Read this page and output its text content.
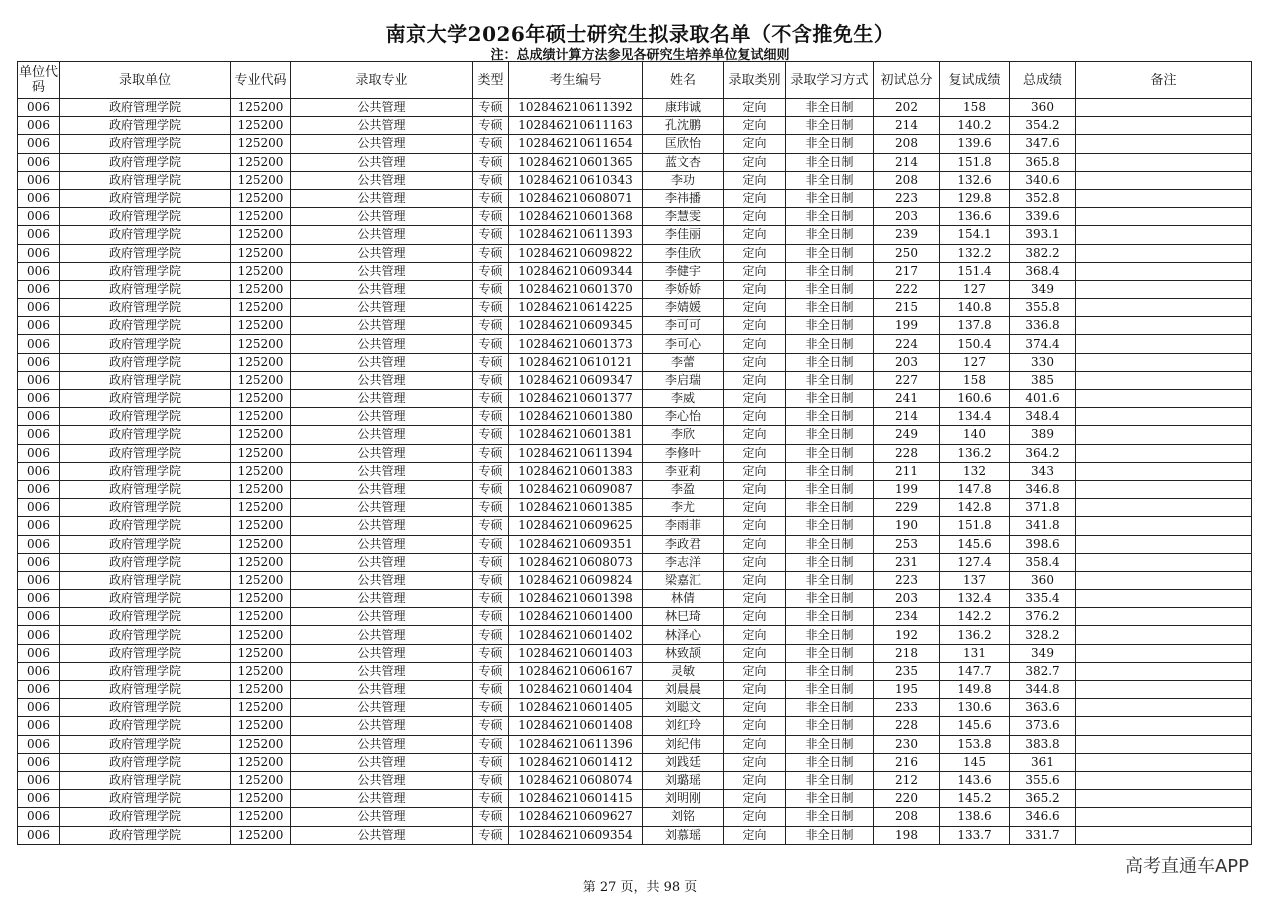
南京大学2026年硕士研究生拟录取名单（不含推免生）
注：总成绩计算方法参见各研究生培养单位复试细则
单位代码	录取单位	专业代码	录取专业	类型	考生编号	姓名	录取类别	录取学习方式	初试总分	复试成绩	总成绩	备注
006	政府管理学院	125200	公共管理	专硕	102846210611392	康玮诚	定向	非全日制	202	158	360	
006	政府管理学院	125200	公共管理	专硕	102846210611163	孔沈鹏	定向	非全日制	214	140.2	354.2	
006	政府管理学院	125200	公共管理	专硕	102846210611654	匡欣怡	定向	非全日制	208	139.6	347.6	
006	政府管理学院	125200	公共管理	专硕	102846210601365	蓝文杏	定向	非全日制	214	151.8	365.8	
006	政府管理学院	125200	公共管理	专硕	102846210610343	李功	定向	非全日制	208	132.6	340.6	
006	政府管理学院	125200	公共管理	专硕	102846210608071	李祎播	定向	非全日制	223	129.8	352.8	
006	政府管理学院	125200	公共管理	专硕	102846210601368	李慧雯	定向	非全日制	203	136.6	339.6	
006	政府管理学院	125200	公共管理	专硕	102846210611393	李佳丽	定向	非全日制	239	154.1	393.1	
006	政府管理学院	125200	公共管理	专硕	102846210609822	李佳欣	定向	非全日制	250	132.2	382.2	
006	政府管理学院	125200	公共管理	专硕	102846210609344	李健宇	定向	非全日制	217	151.4	368.4	
006	政府管理学院	125200	公共管理	专硕	102846210601370	李娇娇	定向	非全日制	222	127	349	
006	政府管理学院	125200	公共管理	专硕	102846210614225	李婧媛	定向	非全日制	215	140.8	355.8	
006	政府管理学院	125200	公共管理	专硕	102846210609345	李可可	定向	非全日制	199	137.8	336.8	
006	政府管理学院	125200	公共管理	专硕	102846210601373	李可心	定向	非全日制	224	150.4	374.4	
006	政府管理学院	125200	公共管理	专硕	102846210610121	李蕾	定向	非全日制	203	127	330	
006	政府管理学院	125200	公共管理	专硕	102846210609347	李启瑞	定向	非全日制	227	158	385	
006	政府管理学院	125200	公共管理	专硕	102846210601377	李威	定向	非全日制	241	160.6	401.6	
006	政府管理学院	125200	公共管理	专硕	102846210601380	李心怡	定向	非全日制	214	134.4	348.4	
006	政府管理学院	125200	公共管理	专硕	102846210601381	李欣	定向	非全日制	249	140	389	
006	政府管理学院	125200	公共管理	专硕	102846210611394	李修叶	定向	非全日制	228	136.2	364.2	
006	政府管理学院	125200	公共管理	专硕	102846210601383	李亚莉	定向	非全日制	211	132	343	
006	政府管理学院	125200	公共管理	专硕	102846210609087	李盈	定向	非全日制	199	147.8	346.8	
006	政府管理学院	125200	公共管理	专硕	102846210601385	李尤	定向	非全日制	229	142.8	371.8	
006	政府管理学院	125200	公共管理	专硕	102846210609625	李雨菲	定向	非全日制	190	151.8	341.8	
006	政府管理学院	125200	公共管理	专硕	102846210609351	李政君	定向	非全日制	253	145.6	398.6	
006	政府管理学院	125200	公共管理	专硕	102846210608073	李志洋	定向	非全日制	231	127.4	358.4	
006	政府管理学院	125200	公共管理	专硕	102846210609824	梁嘉汇	定向	非全日制	223	137	360	
006	政府管理学院	125200	公共管理	专硕	102846210601398	林倩	定向	非全日制	203	132.4	335.4	
006	政府管理学院	125200	公共管理	专硕	102846210601400	林巳琦	定向	非全日制	234	142.2	376.2	
006	政府管理学院	125200	公共管理	专硕	102846210601402	林泽心	定向	非全日制	192	136.2	328.2	
006	政府管理学院	125200	公共管理	专硕	102846210601403	林致颉	定向	非全日制	218	131	349	
006	政府管理学院	125200	公共管理	专硕	102846210606167	灵敏	定向	非全日制	235	147.7	382.7	
006	政府管理学院	125200	公共管理	专硕	102846210601404	刘晨晨	定向	非全日制	195	149.8	344.8	
006	政府管理学院	125200	公共管理	专硕	102846210601405	刘聪文	定向	非全日制	233	130.6	363.6	
006	政府管理学院	125200	公共管理	专硕	102846210601408	刘红玲	定向	非全日制	228	145.6	373.6	
006	政府管理学院	125200	公共管理	专硕	102846210611396	刘纪伟	定向	非全日制	230	153.8	383.8	
006	政府管理学院	125200	公共管理	专硕	102846210601412	刘践廷	定向	非全日制	216	145	361	
006	政府管理学院	125200	公共管理	专硕	102846210608074	刘璐瑶	定向	非全日制	212	143.6	355.6	
006	政府管理学院	125200	公共管理	专硕	102846210601415	刘明刚	定向	非全日制	220	145.2	365.2	
006	政府管理学院	125200	公共管理	专硕	102846210609627	刘铭	定向	非全日制	208	138.6	346.6	
006	政府管理学院	125200	公共管理	专硕	102846210609354	刘慕瑶	定向	非全日制	198	133.7	331.7	
第 27 页，共 98 页
高考直通车APP
